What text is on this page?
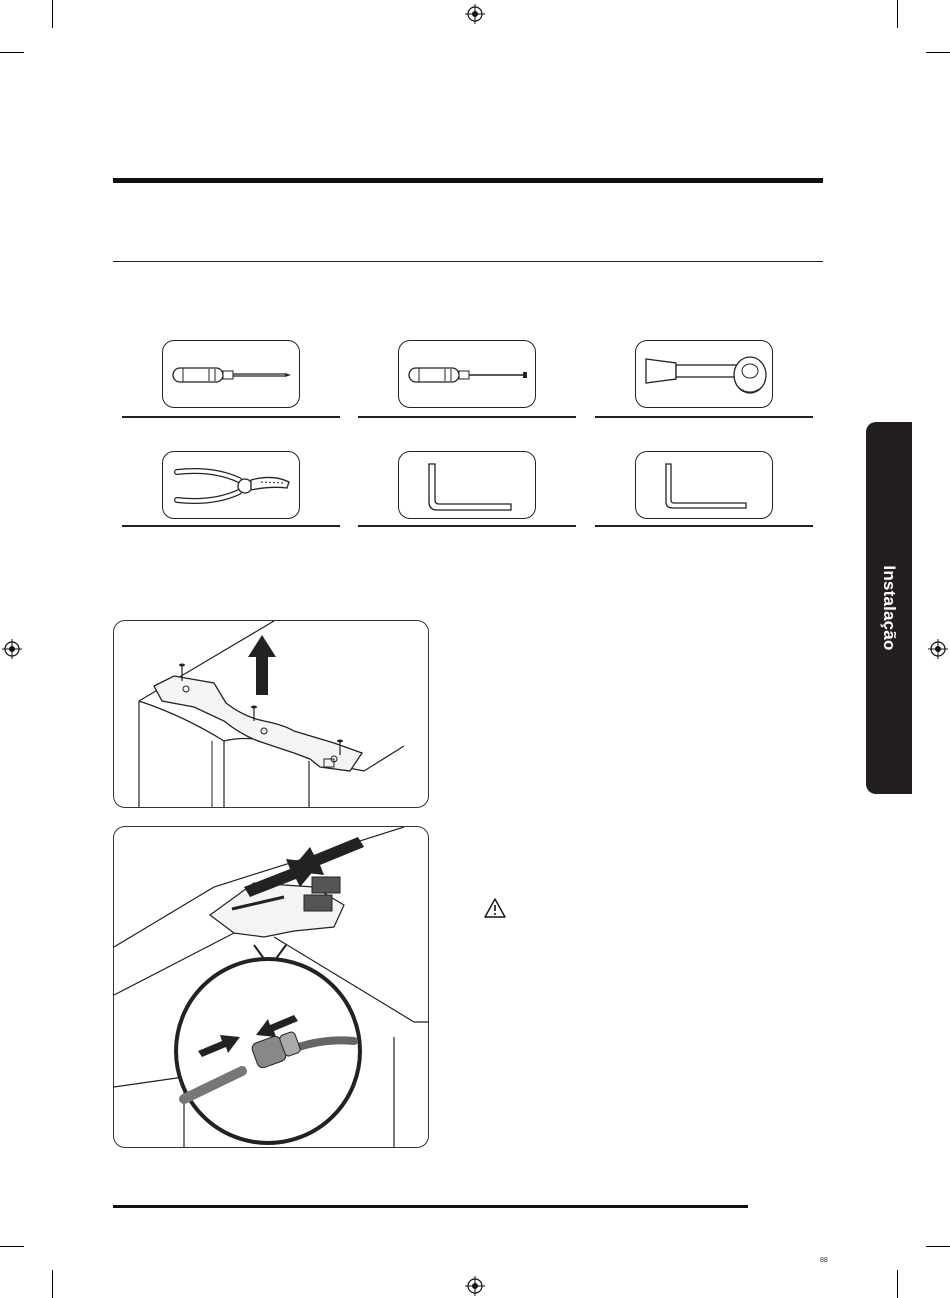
Instalação
88
